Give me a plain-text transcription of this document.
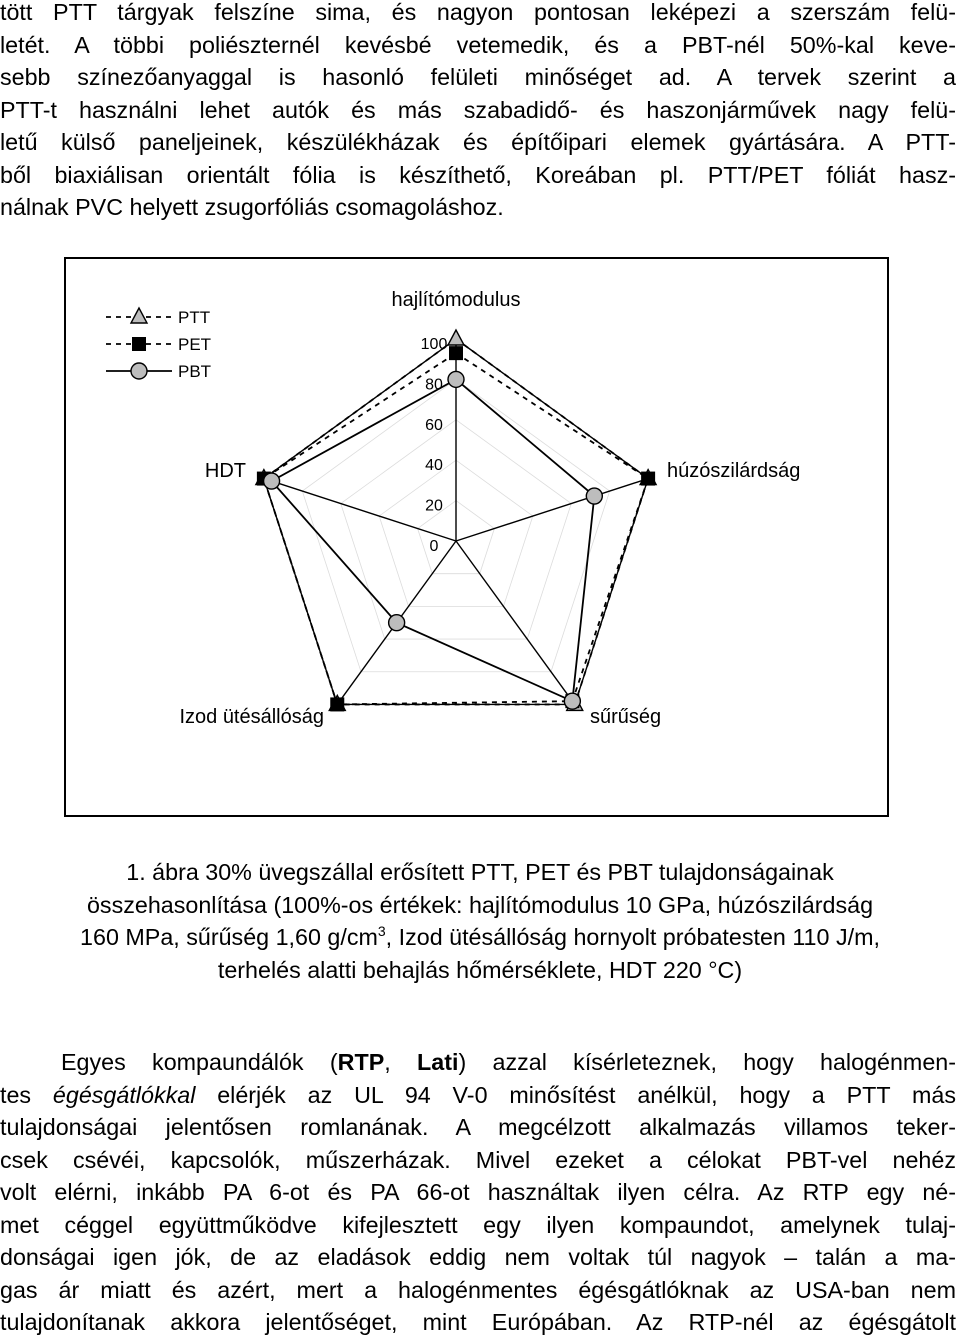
tött PTT tárgyak felszíne sima, és nagyon pontosan leképezi a szerszám felü-
letét. A többi poliészternél kevésbé vetemedik, és a PBT-nél 50%-kal keve-
sebb színezőanyaggal is hasonló felületi minőséget ad. A tervek szerint a
PTT-t használni lehet autók és más szabadidő- és haszonjárművek nagy felü-
letű külső paneljeinek, készülékházak és építőipari elemek gyártására. A PTT-
ből biaxiálisan orientált fólia is készíthető, Koreában pl. PTT/PET fóliát hasz-
nálnak PVC helyett zsugorfóliás csomagoláshoz.
100
80
60
40
20
0
hajlítómodulus
húzószilárdság
sűrűség
Izod ütésállóság
HDT
PTT
PET
PBT
1. ábra 30% üvegszállal erősített PTT, PET és PBT tulajdonságainak
összehasonlítása (100%-os értékek: hajlítómodulus 10 GPa, húzószilárdság
160 MPa, sűrűség 1,60 $g/cm^3$, Izod ütésállóság hornyolt próbatesten 110 J/m,
terhelés alatti behajlás hőmérséklete, HDT 220 °C)
Egyes kompaundálók (RTP, Lati) azzal kísérleteznek, hogy halogénmen-
tes égésgátlókkal elérjék az UL 94 V-0 minősítést anélkül, hogy a PTT más
tulajdonságai jelentősen romlanának. A megcélzott alkalmazás villamos teker-
csek csévéi, kapcsolók, műszerházak. Mivel ezeket a célokat PBT-vel nehéz
volt elérni, inkább PA 6-ot és PA 66-ot használtak ilyen célra. Az RTP egy né-
met céggel együttműködve kifejlesztett egy ilyen kompaundot, amelynek tulaj-
donságai igen jók, de az eladások eddig nem voltak túl nagyok – talán a ma-
gas ár miatt és azért, mert a halogénmentes égésgátlóknak az USA-ban nem
tulajdonítanak akkora jelentőséget, mint Európában. Az RTP-nél az égésgátolt
